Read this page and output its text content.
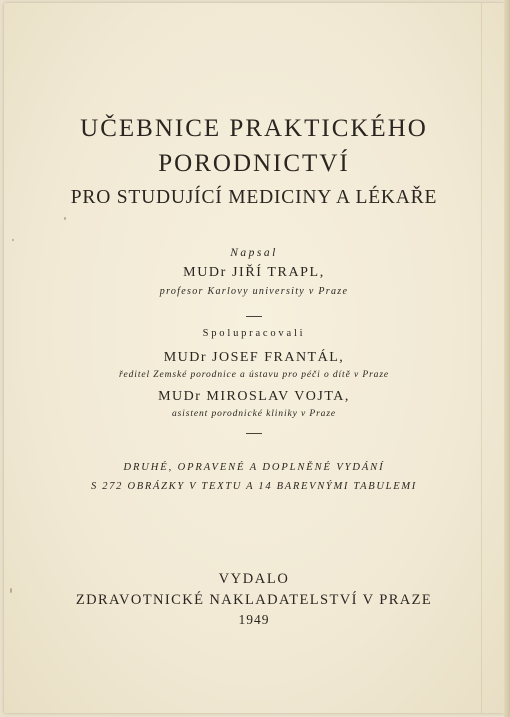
UČEBNICE PRAKTICKÉHO
PORODNICTVÍ
PRO STUDUJÍCÍ MEDICINY A LÉKAŘE
Napsal
MUDr JIŘÍ TRAPL,
profesor Karlovy university v Praze
Spolupracovali
MUDr JOSEF FRANTÁL,
ředitel Zemské porodnice a ústavu pro péči o dítě v Praze
MUDr MIROSLAV VOJTA,
asistent porodnické kliniky v Praze
DRUHÉ, OPRAVENÉ A DOPLNĚNÉ VYDÁNÍ
S 272 OBRÁZKY V TEXTU A 14 BAREVNÝMI TABULEMI
VYDALO
ZDRAVOTNICKÉ NAKLADATELSTVÍ V PRAZE
1949
